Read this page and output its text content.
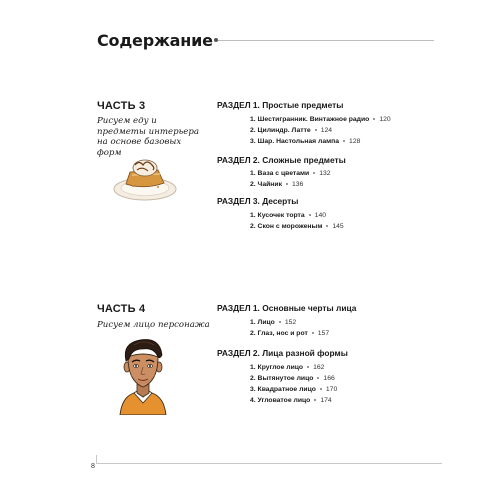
Содержание
ЧАСТЬ 3
Рисуем еду и предметы интерьера на основе базовых форм
РАЗДЕЛ 1. Простые предметы
1. Шестигранник. Винтажное радио 120
2. Цилиндр. Латте 124
3. Шар. Настольная лампа 128
РАЗДЕЛ 2. Сложные предметы
1. Ваза с цветами 132
2. Чайник 136
РАЗДЕЛ 3. Десерты
1. Кусочек торта 140
2. Скон с мороженым 145
ЧАСТЬ 4
Рисуем лицо персонажа
РАЗДЕЛ 1. Основные черты лица
1. Лицо 152
2. Глаз, нос и рот 157
РАЗДЕЛ 2. Лица разной формы
1. Круглое лицо 162
2. Вытянутое лицо 166
3. Квадратное лицо 170
4. Угловатое лицо 174
8
